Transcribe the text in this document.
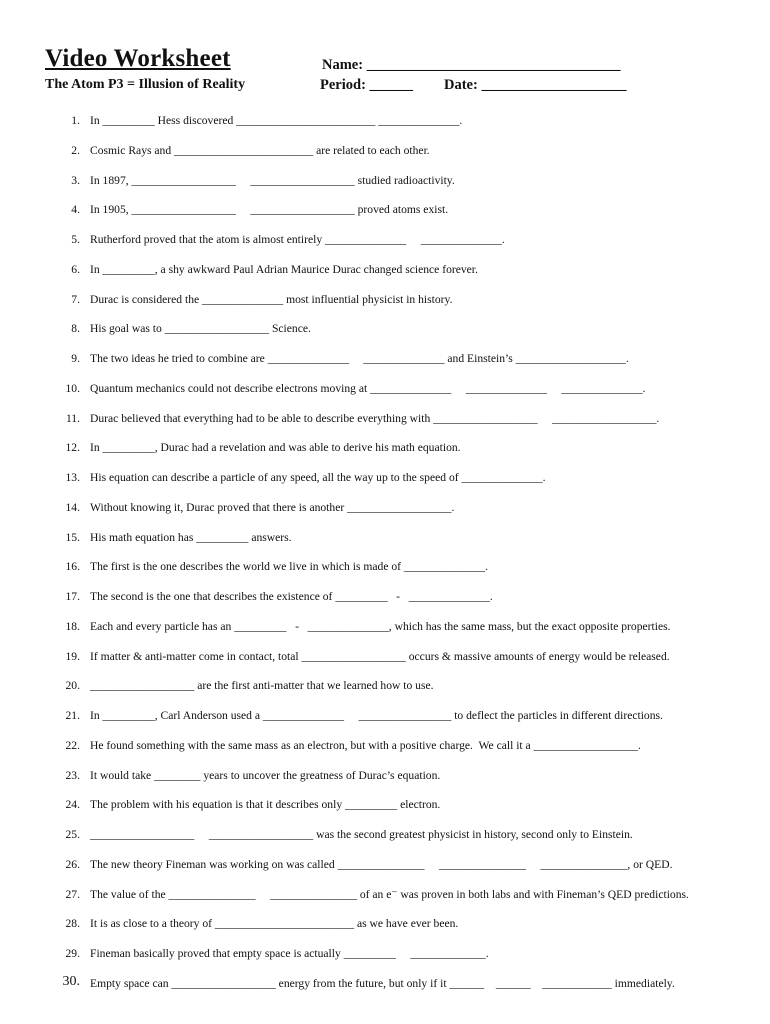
Video Worksheet
The Atom P3 = Illusion of Reality
Name: ___________________________________
Period: ______ Date: ____________________
1. In _________ Hess discovered ________________________ ______________.
2. Cosmic Rays and ________________________ are related to each other.
3. In 1897, __________________     __________________ studied radioactivity.
4. In 1905, __________________     __________________ proved atoms exist.
5. Rutherford proved that the atom is almost entirely ______________     ______________.
6. In _________, a shy awkward Paul Adrian Maurice Durac changed science forever.
7. Durac is considered the ______________ most influential physicist in history.
8. His goal was to __________________ Science.
9. The two ideas he tried to combine are ______________     ______________ and Einstein’s ___________________.
10. Quantum mechanics could not describe electrons moving at ______________     ______________     ______________.
11. Durac believed that everything had to be able to describe everything with __________________     __________________.
12. In _________, Durac had a revelation and was able to derive his math equation.
13. His equation can describe a particle of any speed, all the way up to the speed of ______________.
14. Without knowing it, Durac proved that there is another __________________.
15. His math equation has _________ answers.
16. The first is the one describes the world we live in which is made of ______________.
17. The second is the one that describes the existence of _________   -   ______________.
18. Each and every particle has an _________   -   ______________, which has the same mass, but the exact opposite properties.
19. If matter & anti-matter come in contact, total __________________ occurs & massive amounts of energy would be released.
20. __________________ are the first anti-matter that we learned how to use.
21. In _________, Carl Anderson used a ______________     ________________ to deflect the particles in different directions.
22. He found something with the same mass as an electron, but with a positive charge.  We call it a __________________.
23. It would take ________ years to uncover the greatness of Durac’s equation.
24. The problem with his equation is that it describes only _________ electron.
25. __________________     __________________ was the second greatest physicist in history, second only to Einstein.
26. The new theory Fineman was working on was called _______________     _______________     _______________, or QED.
27. The value of the _______________     _______________ of an e⁻ was proven in both labs and with Fineman’s QED predictions.
28. It is as close to a theory of ________________________ as we have ever been.
29. Fineman basically proved that empty space is actually _________     _____________.
30. Empty space can __________________ energy from the future, but only if it ______    ______    ____________ immediately.
